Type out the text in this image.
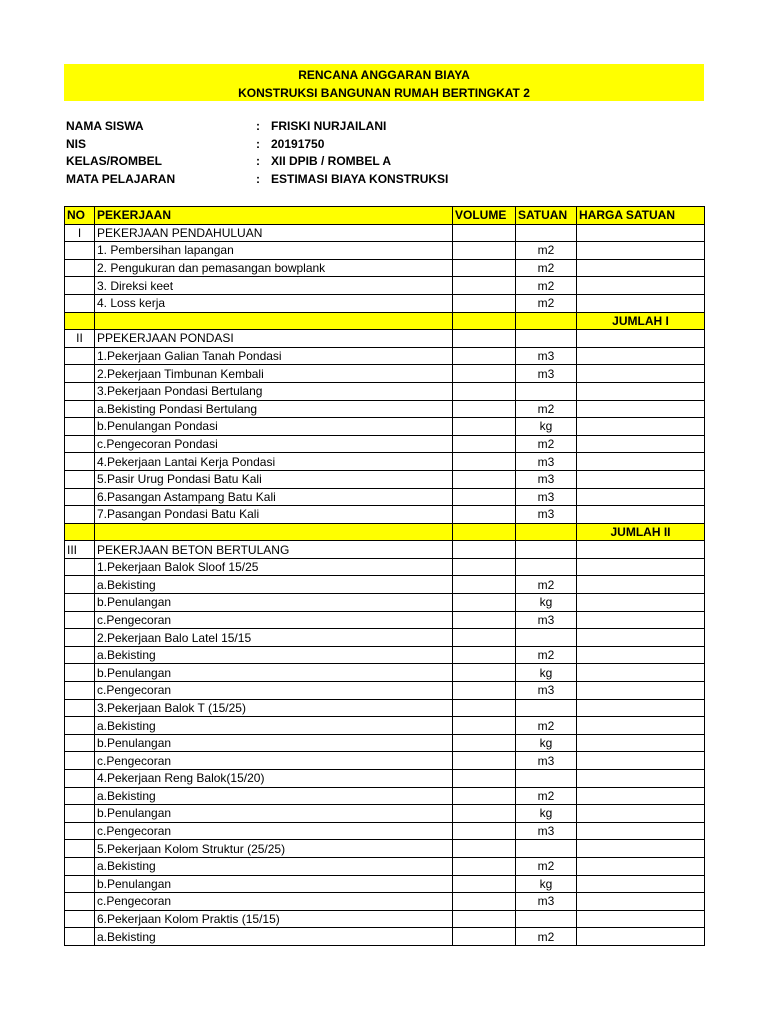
RENCANA ANGGARAN BIAYA
KONSTRUKSI BANGUNAN RUMAH BERTINGKAT 2
NAMA SISWA	: FRISKI NURJAILANI
NIS	: 20191750
KELAS/ROMBEL	: XII DPIB / ROMBEL A
MATA PELAJARAN	: ESTIMASI BIAYA KONSTRUKSI
NO	PEKERJAAN	VOLUME	SATUAN	HARGA SATUAN
I	PEKERJAAN PENDAHULUAN			
	1. Pembersihan lapangan		m2	
	2. Pengukuran dan pemasangan bowplank		m2	
	3. Direksi keet		m2	
	4. Loss kerja		m2	
				JUMLAH I
II	PPEKERJAAN PONDASI			
	1.Pekerjaan Galian Tanah Pondasi		m3	
	2.Pekerjaan Timbunan Kembali		m3	
	3.Pekerjaan Pondasi Bertulang			
	a.Bekisting Pondasi Bertulang		m2	
	b.Penulangan Pondasi		kg	
	c.Pengecoran Pondasi		m2	
	4.Pekerjaan Lantai Kerja Pondasi		m3	
	5.Pasir Urug Pondasi Batu Kali		m3	
	6.Pasangan Astampang Batu Kali		m3	
	7.Pasangan Pondasi Batu Kali		m3	
				JUMLAH II
III	PEKERJAAN BETON BERTULANG			
	1.Pekerjaan Balok Sloof 15/25			
	a.Bekisting		m2	
	b.Penulangan		kg	
	c.Pengecoran		m3	
	2.Pekerjaan Balo Latel 15/15			
	a.Bekisting		m2	
	b.Penulangan		kg	
	c.Pengecoran		m3	
	3.Pekerjaan Balok T (15/25)			
	a.Bekisting		m2	
	b.Penulangan		kg	
	c.Pengecoran		m3	
	4.Pekerjaan Reng Balok(15/20)			
	a.Bekisting		m2	
	b.Penulangan		kg	
	c.Pengecoran		m3	
	5.Pekerjaan Kolom Struktur (25/25)			
	a.Bekisting		m2	
	b.Penulangan		kg	
	c.Pengecoran		m3	
	6.Pekerjaan Kolom Praktis (15/15)			
	a.Bekisting		m2	
